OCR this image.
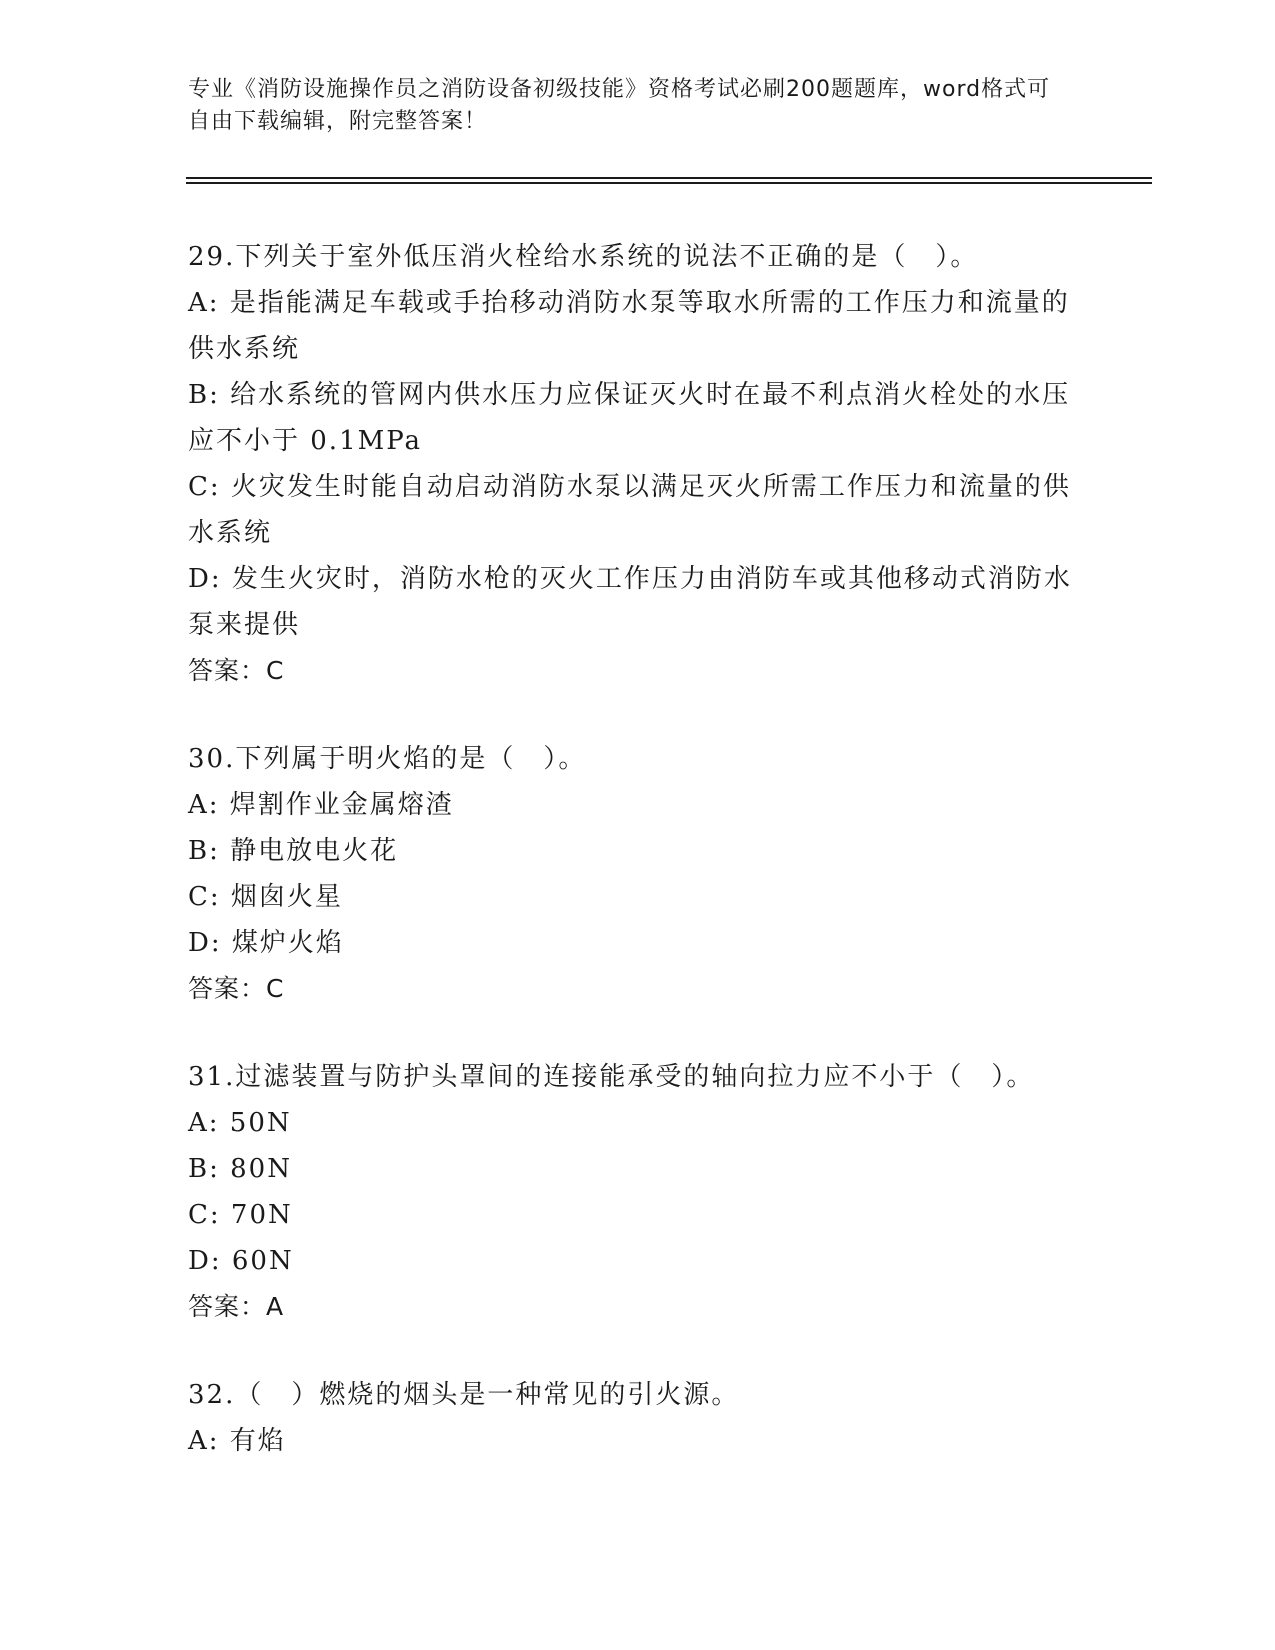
专业《消防设施操作员之消防设备初级技能》资格考试必刷200题题库，word格式可自由下载编辑，附完整答案！

29.下列关于室外低压消火栓给水系统的说法不正确的是（　）。

A: 是指能满足车载或手抬移动消防水泵等取水所需的工作压力和流量的供水系统

B: 给水系统的管网内供水压力应保证灭火时在最不利点消火栓处的水压应不小于 0.1MPa

C: 火灾发生时能自动启动消防水泵以满足灭火所需工作压力和流量的供水系统

D: 发生火灾时，消防水枪的灭火工作压力由消防车或其他移动式消防水泵来提供

答案：C

30.下列属于明火焰的是（　）。

A: 焊割作业金属熔渣

B: 静电放电火花

C: 烟囱火星

D: 煤炉火焰

答案：C

31.过滤装置与防护头罩间的连接能承受的轴向拉力应不小于（　）。

A: 50N

B: 80N

C: 70N

D: 60N

答案：A

32.（　）燃烧的烟头是一种常见的引火源。

A: 有焰
